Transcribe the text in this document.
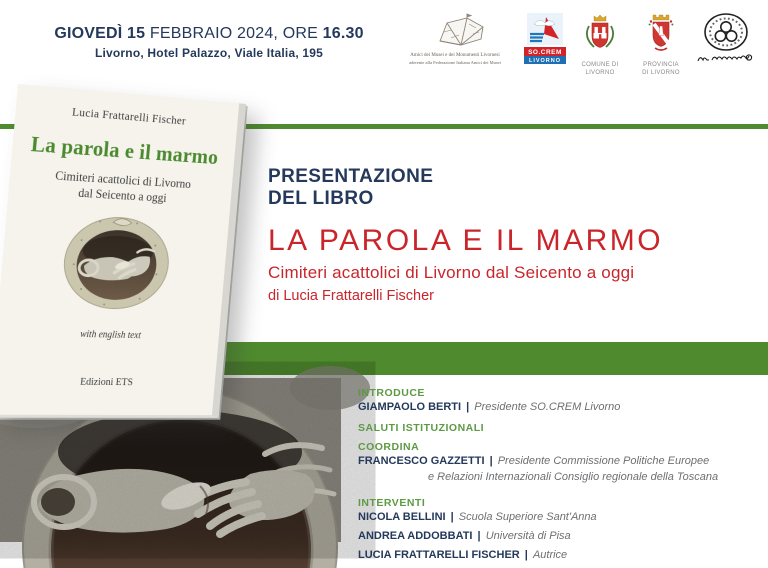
GIOVEDÌ 15 FEBBRAIO 2024, ORE 16.30
Livorno, Hotel Palazzo, Viale Italia, 195	Amici dei Musei e dei Monumenti Livornesi
aderente alla Federazione Italiana Amici dei Musei
SO.CREM
LIVORNO
COMUNE DI
LIVORNO
PROVINCIA
DI LIVORNO
Lucia Frattarelli Fischer
La parola e il marmo
Cimiteri acattolici di Livorno
dal Seicento a oggi
with english text
Edizioni ETS
PRESENTAZIONE
DEL LIBRO
LA PAROLA E IL MARMO
Cimiteri acattolici di Livorno dal Seicento a oggi
di Lucia Frattarelli Fischer
INTRODUCE
GIAMPAOLO BERTI | Presidente SO.CREM Livorno
SALUTI ISTITUZIONALI
COORDINA
FRANCESCO GAZZETTI | Presidente Commissione Politiche Europee
e Relazioni Internazionali Consiglio regionale della Toscana
INTERVENTI
NICOLA BELLINI | Scuola Superiore Sant'Anna
ANDREA ADDOBBATI | Università di Pisa
LUCIA FRATTARELLI FISCHER | Autrice
